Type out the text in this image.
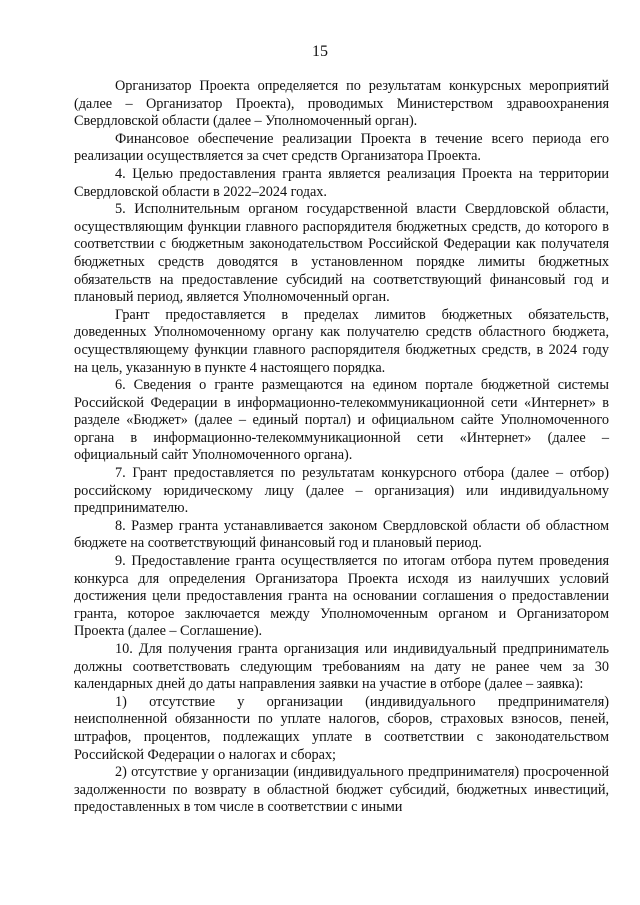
15

Организатор Проекта определяется по результатам конкурсных мероприятий (далее – Организатор Проекта), проводимых Министерством здравоохранения Свердловской области (далее – Уполномоченный орган).

Финансовое обеспечение реализации Проекта в течение всего периода его реализации осуществляется за счет средств Организатора Проекта.

4. Целью предоставления гранта является реализация Проекта на территории Свердловской области в 2022–2024 годах.

5. Исполнительным органом государственной власти Свердловской области, осуществляющим функции главного распорядителя бюджетных средств, до которого в соответствии с бюджетным законодательством Российской Федерации как получателя бюджетных средств доводятся в установленном порядке лимиты бюджетных обязательств на предоставление субсидий на соответствующий финансовый год и плановый период, является Уполномоченный орган.

Грант предоставляется в пределах лимитов бюджетных обязательств, доведенных Уполномоченному органу как получателю средств областного бюджета, осуществляющему функции главного распорядителя бюджетных средств, в 2024 году на цель, указанную в пункте 4 настоящего порядка.

6. Сведения о гранте размещаются на едином портале бюджетной системы Российской Федерации в информационно-телекоммуникационной сети «Интернет» в разделе «Бюджет» (далее – единый портал) и официальном сайте Уполномоченного органа в информационно-телекоммуникационной сети «Интернет» (далее – официальный сайт Уполномоченного органа).

7. Грант предоставляется по результатам конкурсного отбора (далее – отбор) российскому юридическому лицу (далее – организация) или индивидуальному предпринимателю.

8. Размер гранта устанавливается законом Свердловской области об областном бюджете на соответствующий финансовый год и плановый период.

9. Предоставление гранта осуществляется по итогам отбора путем проведения конкурса для определения Организатора Проекта исходя из наилучших условий достижения цели предоставления гранта на основании соглашения о предоставлении гранта, которое заключается между Уполномоченным органом и Организатором Проекта (далее – Соглашение).

10. Для получения гранта организация или индивидуальный предприниматель должны соответствовать следующим требованиям на дату не ранее чем за 30 календарных дней до даты направления заявки на участие в отборе (далее – заявка):

1) отсутствие у организации (индивидуального предпринимателя) неисполненной обязанности по уплате налогов, сборов, страховых взносов, пеней, штрафов, процентов, подлежащих уплате в соответствии с законодательством Российской Федерации о налогах и сборах;

2) отсутствие у организации (индивидуального предпринимателя) просроченной задолженности по возврату в областной бюджет субсидий, бюджетных инвестиций, предоставленных в том числе в соответствии с иными
